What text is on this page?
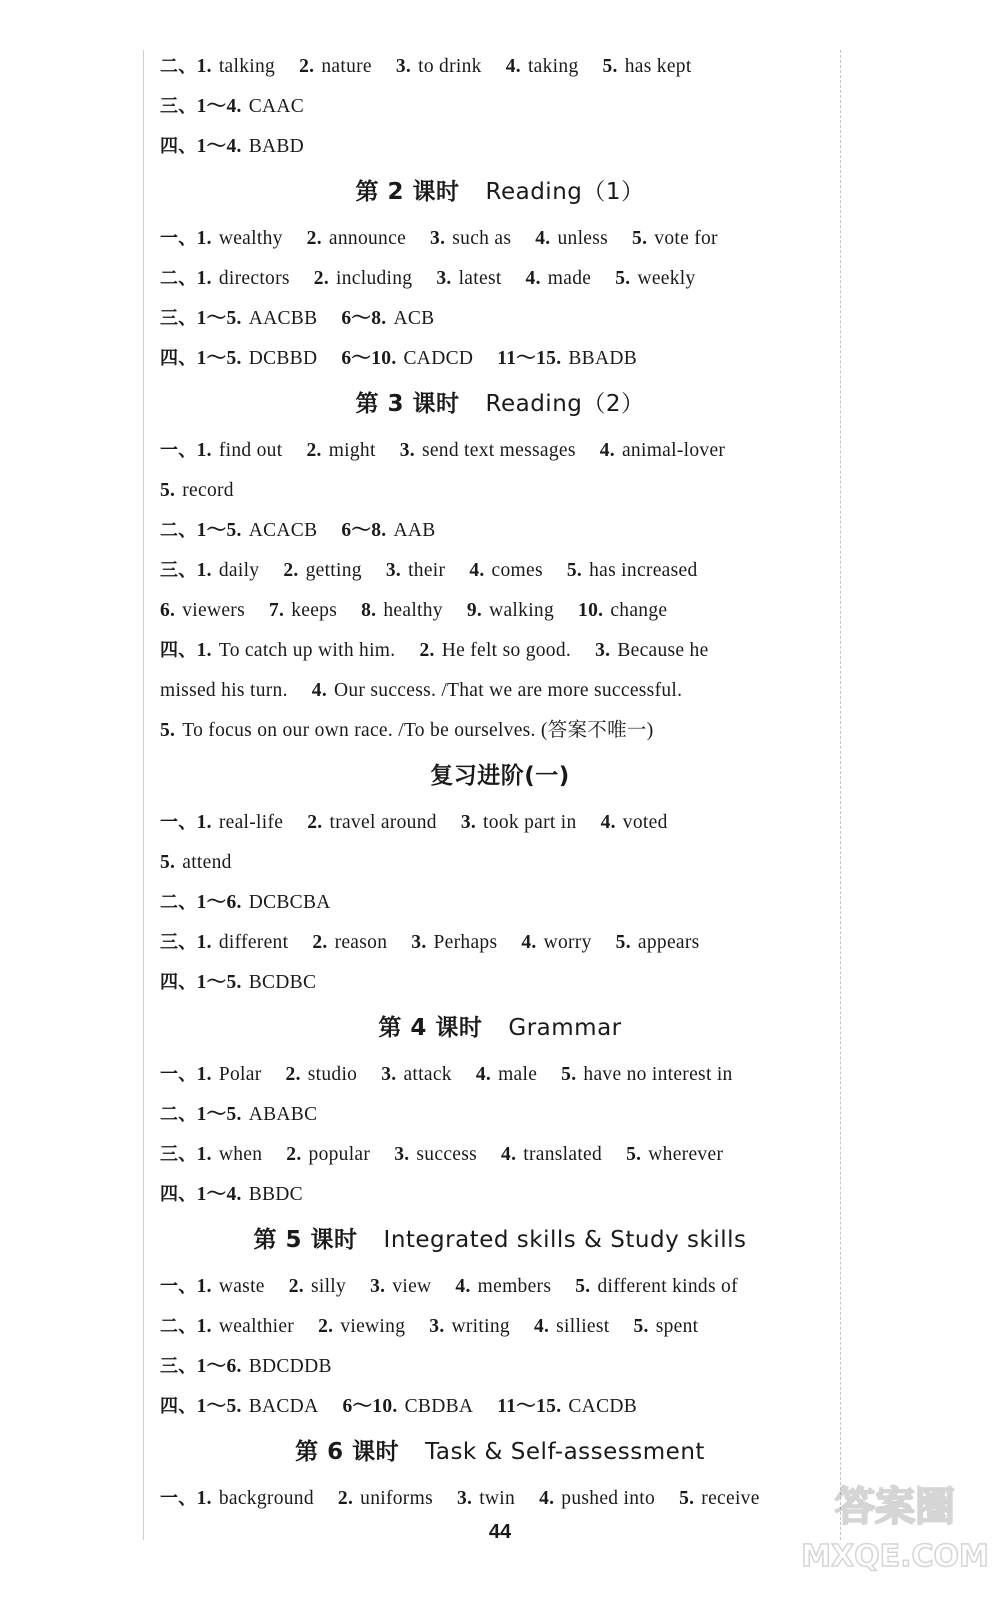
二、1. talking 2. nature 3. to drink 4. taking 5. has kept
三、1～4. CAAC
四、1～4. BABD
第 2 课时 Reading（1）
一、1. wealthy 2. announce 3. such as 4. unless 5. vote for
二、1. directors 2. including 3. latest 4. made 5. weekly
三、1～5. AACBB 6～8. ACB
四、1～5. DCBBD 6～10. CADCD 11～15. BBADB
第 3 课时 Reading（2）
一、1. find out 2. might 3. send text messages 4. animal-lover
5. record
二、1～5. ACACB 6～8. AAB
三、1. daily 2. getting 3. their 4. comes 5. has increased
6. viewers 7. keeps 8. healthy 9. walking 10. change
四、1. To catch up with him. 2. He felt so good. 3. Because he
missed his turn. 4. Our success. /That we are more successful.
5. To focus on our own race. /To be ourselves. (答案不唯一)
复习进阶(一)
一、1. real-life 2. travel around 3. took part in 4. voted
5. attend
二、1～6. DCBCBA
三、1. different 2. reason 3. Perhaps 4. worry 5. appears
四、1～5. BCDBC
第 4 课时 Grammar
一、1. Polar 2. studio 3. attack 4. male 5. have no interest in
二、1～5. ABABC
三、1. when 2. popular 3. success 4. translated 5. wherever
四、1～4. BBDC
第 5 课时 Integrated skills & Study skills
一、1. waste 2. silly 3. view 4. members 5. different kinds of
二、1. wealthier 2. viewing 3. writing 4. silliest 5. spent
三、1～6. BDCDDB
四、1～5. BACDA 6～10. CBDBA 11～15. CACDB
第 6 课时 Task & Self-assessment
一、1. background 2. uniforms 3. twin 4. pushed into 5. receive
44
答案圈
MXQE.COM
